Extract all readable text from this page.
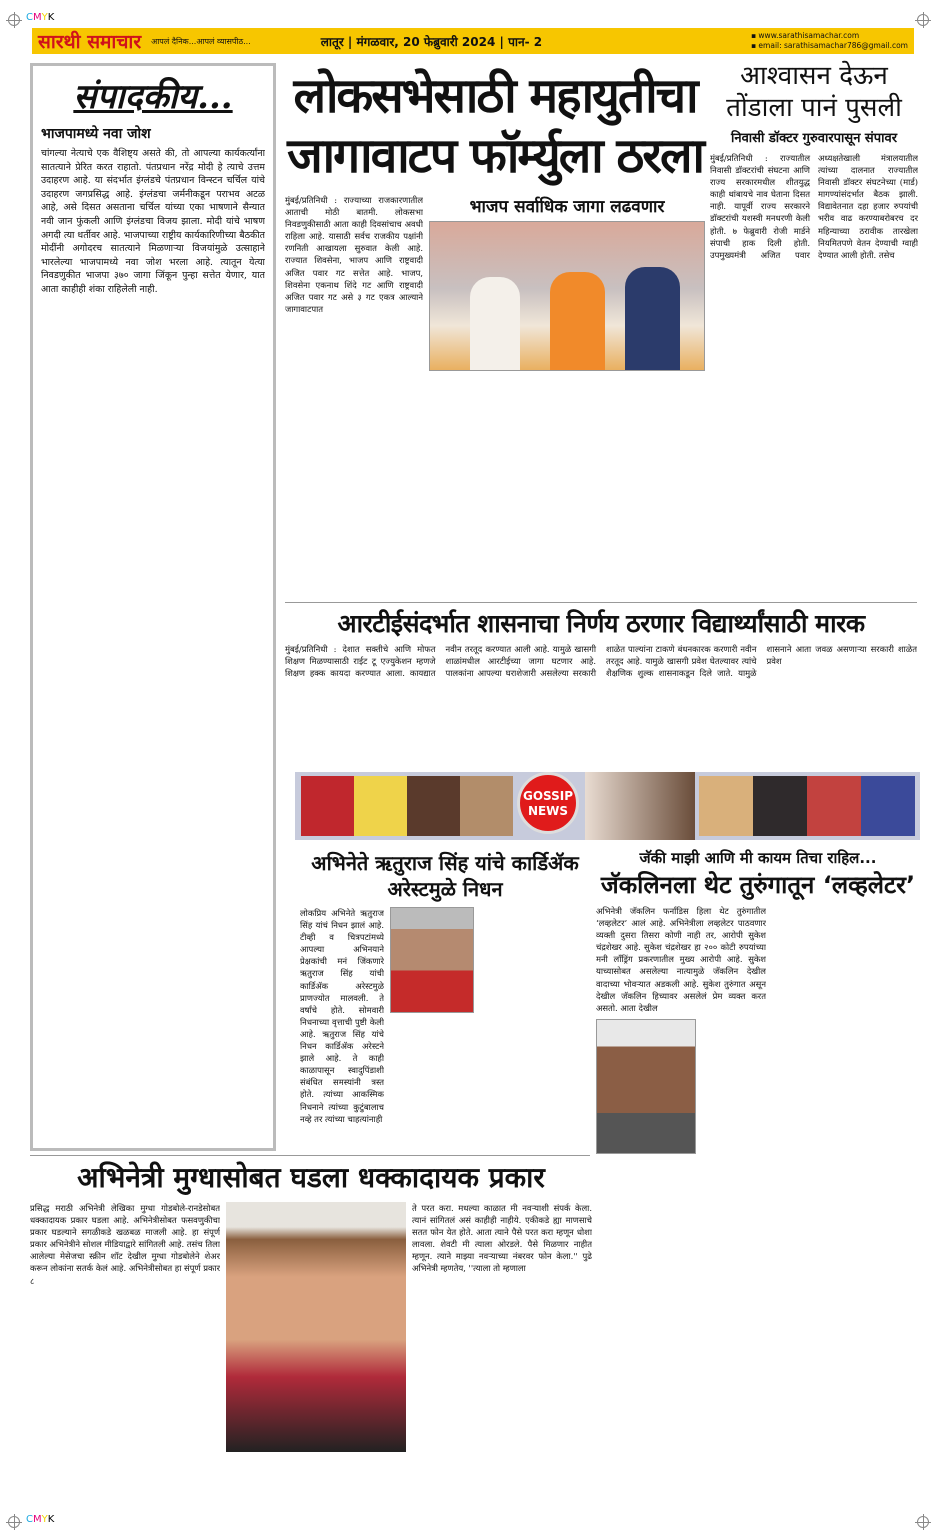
CMYK
सारथी समाचार आपलं दैनिक...आपलं व्यासपीठ...	लातूर | मंगळवार, 20 फेब्रुवारी 2024 | पान- 2	▪ www.sarathisamachar.com
▪ email: sarathisamachar786@gmail.com
संपादकीय...
भाजपामध्ये नवा जोश
चांगल्या नेत्याचे एक वैशिष्ट्य असते की, तो आपल्या कार्यकर्त्यांना सातत्याने प्रेरित करत राहातो. पंतप्रधान नरेंद्र मोदी हे त्याचे उत्तम उदाहरण आहे. या संदर्भात इंग्लंडचे पंतप्रधान विन्स्टन चर्चिल यांचे उदाहरण जगप्रसिद्ध आहे. इंग्लंडचा जर्मनीकडून पराभव अटळ आहे, असे दिसत असताना चर्चिल यांच्या एका भाषणाने सैन्यात नवी जान फुंकली आणि इंग्लंडचा विजय झाला. मोदी यांचे भाषण अगदी त्या धर्तीवर आहे. भाजपाच्या राष्ट्रीय कार्यकारिणीच्या बैठकीत मोदींनी अगोदरच सातत्याने मिळणाऱ्या विजयांमुळे उत्साहाने भारलेल्या भाजपामध्ये नवा जोश भरला आहे. त्यातून येत्या निवडणुकीत भाजपा ३७० जागा जिंकून पुन्हा सत्तेत येणार, यात आता काहीही शंका राहिलेली नाही.
लोकसभेसाठी महायुतीचा जागावाटप फॉर्म्युला ठरला
मुंबई/प्रतिनिधी : राज्याच्या राजकारणातील आताची मोठी बातमी. लोकसभा निवडणुकीसाठी आता काही दिवसांचाच अवधी राहिला आहे. यासाठी सर्वच राजकीय पक्षांनी रणनिती आखायला सुरुवात केली आहे. राज्यात शिवसेना, भाजप आणि राष्ट्रवादी अजित पवार गट सत्तेत आहे. भाजप, शिवसेना एकनाथ शिंदे गट आणि राष्ट्रवादी अजित पवार गट असे ३ गट एकत्र आल्याने जागावाटपात
भाजप सर्वाधिक जागा लढवणार
आश्वासन देऊन तोंडाला पानं पुसली
निवासी डॉक्टर गुरुवारपासून संपावर
मुंबई/प्रतिनिधी : राज्यातील निवासी डॉक्टरांची संघटना आणि राज्य सरकारमधील शीतयुद्ध काही थांबायचे नाव घेताना दिसत नाही. यापूर्वी राज्य सरकारने डॉक्टरांची यशस्वी मनधरणी केली होती. ७ फेब्रुवारी रोजी मार्डने संपाची हाक दिली होती. उपमुख्यमंत्री अजित पवार अध्यक्षतेखाली मंत्रालयातील त्यांच्या दालनात राज्यातील निवासी डॉक्टर संघटनेच्या (मार्ड) मागण्यांसंदर्भात बैठक झाली. विद्यावेतनात दहा हजार रुपयांची भरीव वाढ करण्याबरोबरच दर महिन्याच्या ठरावीक तारखेला नियमितपणे वेतन देण्याची ग्वाही देण्यात आली होती. तसेच
आरटीईसंदर्भात शासनाचा निर्णय ठरणार विद्यार्थ्यांसाठी मारक
मुंबई/प्रतिनिधी : देशात सक्तीचे आणि मोफत शिक्षण मिळण्यासाठी राईट टू एज्युकेशन म्हणजे शिक्षण हक्क कायदा करण्यात आला. कायद्यात नवीन तरतूद करण्यात आली आहे. यामुळे खासगी शाळांमधील आरटीईच्या जागा घटणार आहे. पालकांना आपल्या घराशेजारी असलेल्या सरकारी शाळेत पाल्यांना टाकणे बंधनकारक करणारी नवीन तरतूद आहे. यामुळे खासगी प्रवेश घेतल्यावर त्यांचे शैक्षणिक शुल्क शासनाकडून दिले जाते. यामुळे शासनाने आता जवळ असणाऱ्या सरकारी शाळेत प्रवेश
GOSSIP
NEWS
अभिनेते ऋतुराज सिंह यांचे कार्डिॲक अरेस्टमुळे निधन
लोकप्रिय अभिनेते ऋतुराज सिंह यांचं निधन झालं आहे. टीव्ही व चित्रपटांमध्ये आपल्या अभिनयाने प्रेक्षकांची मनं जिंकणारे ऋतुराज सिंह यांची कार्डिॲक अरेस्टमुळे प्राणज्योत मालवली. ते वर्षांचे होते. सोमवारी निधनाच्या वृत्ताची पुष्टी केली आहे. ऋतुराज सिंह यांचे निधन कार्डिॲक अरेस्टने झाले आहे. ते काही काळापासून स्वादुपिंडाशी संबंधित समस्यांनी त्रस्त होते. त्यांच्या आकस्मिक निधनाने त्यांच्या कुटुंबालाच नव्हे तर त्यांच्या चाहत्यांनाही
जॅकी माझी आणि मी कायम तिचा राहिल...
जॅकलिनला थेट तुरुंगातून ‘लव्हलेटर’
अभिनेत्री जॅकलिन फर्नांडिस हिला थेट तुरुंगातील ‘लव्हलेटर’ आलं आहे. अभिनेत्रीला लव्हलेटर पाठवणार व्यक्ती दुसरा तिसरा कोणी नाही तर, आरोपी सुकेश चंद्रशेखर आहे. सुकेश चंद्रशेखर हा २०० कोटी रुपयांच्या मनी लॉंड्रिंग प्रकरणातील मुख्य आरोपी आहे. सुकेश याच्यासोबत असलेल्या नात्यामुळे जॅकलिन देखील वादाच्या भोवऱ्यात अडकली आहे. सुकेश तुरुंगात असून देखील जॅकलिन हिच्यावर असलेलं प्रेम व्यक्त करत असतो. आता देखील
अभिनेत्री मुग्धासोबत घडला धक्कादायक प्रकार
प्रसिद्ध मराठी अभिनेत्री लेखिका मुग्धा गोडबोले-रानडेसोबत धक्कादायक प्रकार घडला आहे. अभिनेत्रीसोबत फसवणुकीचा प्रकार घडल्याने सगळीकडे खळबळ माजली आहे. हा संपूर्ण प्रकार अभिनेत्रीने सोशल मीडियाद्वारे सांगितली आहे. तसंच तिला आलेल्या मेसेजचा स्क्रीन शॉट देखील मुग्धा गोडबोलेने शेअर करून लोकांना सतर्क केलं आहे. अभिनेत्रीसोबत हा संपूर्ण प्रकार ८
ते परत करा. मधल्या काळात मी नवऱ्याशी संपर्क केला. त्यानं सांगितलं असं काहीही नाहीये. एकीकडे ह्या माणसाचे सतत फोन येत होते. आता त्याने पैसे परत करा म्हणून धोशा लावला. शेवटी मी त्याला ओरडले. पैसे मिळणार नाहीत म्हणून. त्याने माझ्या नवऱ्याच्या नंबरवर फोन केला.'' पुढे अभिनेत्री म्हणतेय, ''त्याला तो म्हणाला
CMYK
